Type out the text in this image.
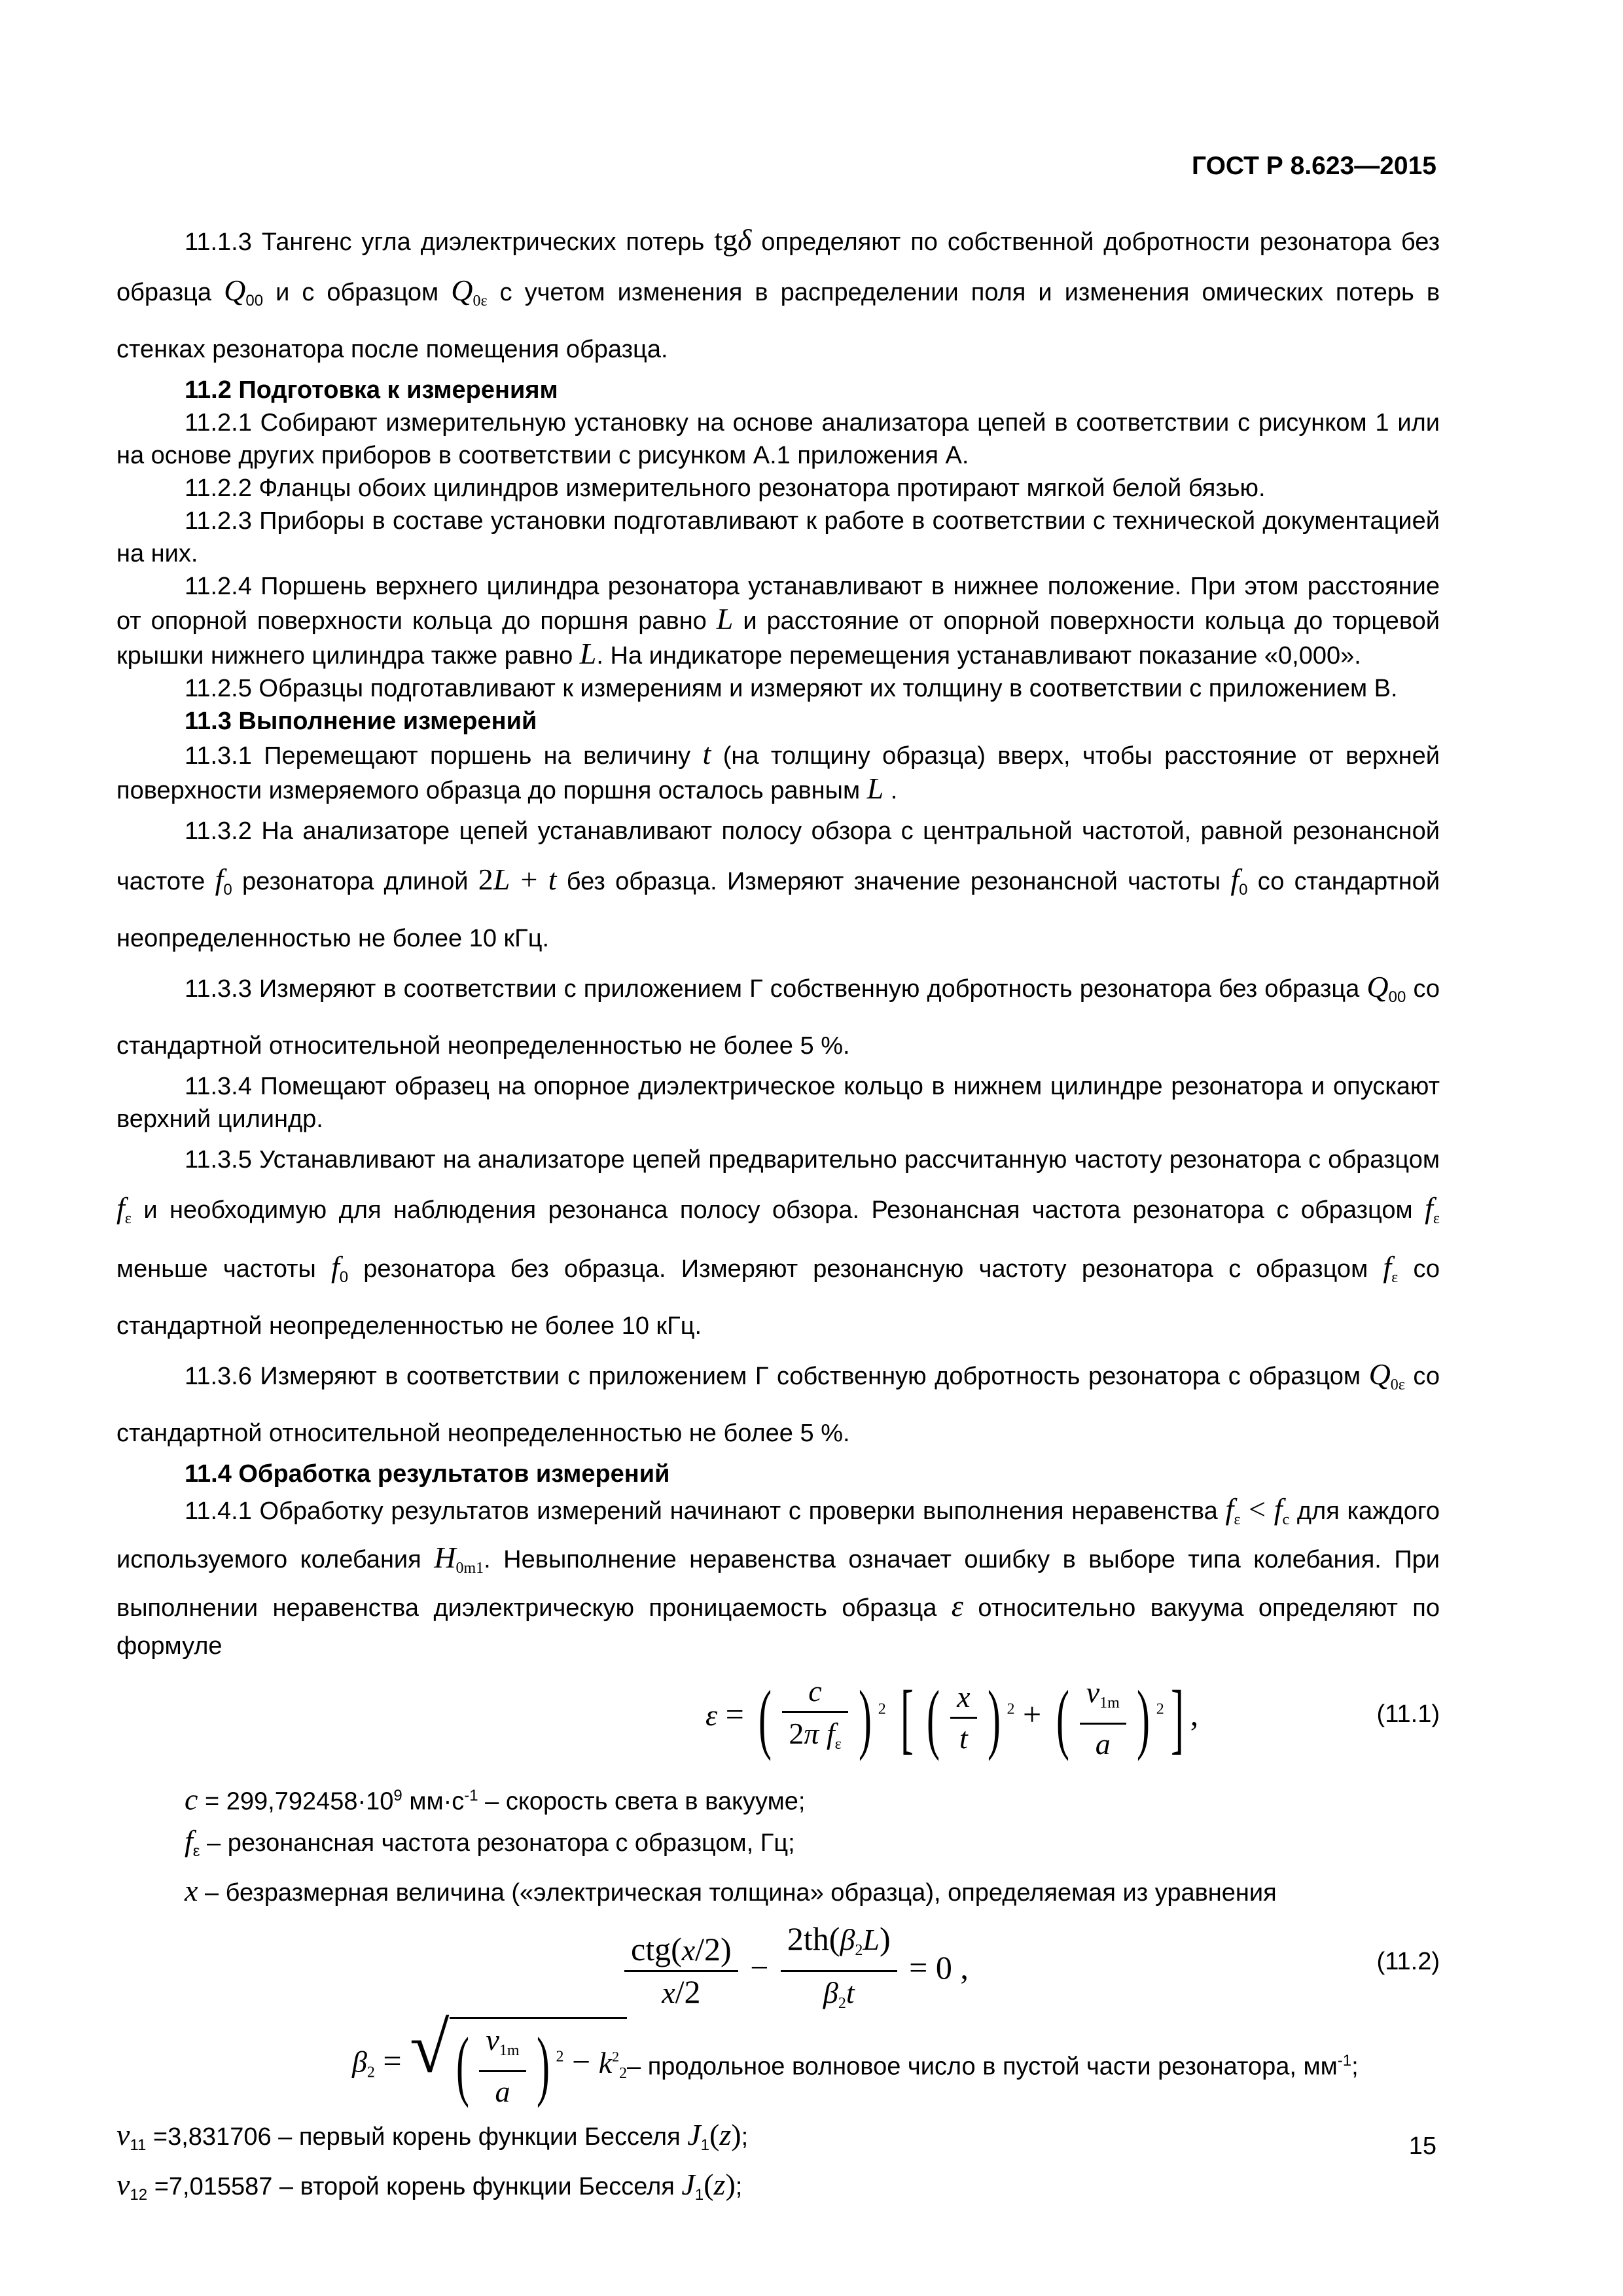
ГОСТ Р 8.623—2015

11.1.3 Тангенс угла диэлектрических потерь tgδ определяют по собственной добротности резонатора без образца $Q_{00}$ и с образцом $Q_{0\varepsilon}$ с учетом изменения в распределении поля и изменения омических потерь в стенках резонатора после помещения образца.

11.2 Подготовка к измерениям

11.2.1 Собирают измерительную установку на основе анализатора цепей в соответствии с рисунком 1 или на основе других приборов в соответствии с рисунком А.1 приложения А.

11.2.2 Фланцы обоих цилиндров измерительного резонатора протирают мягкой белой бязью.

11.2.3 Приборы в составе установки подготавливают к работе в соответствии с технической документацией на них.

11.2.4 Поршень верхнего цилиндра резонатора устанавливают в нижнее положение. При этом расстояние от опорной поверхности кольца до поршня равно L и расстояние от опорной поверхности кольца до торцевой крышки нижнего цилиндра также равно L. На индикаторе перемещения устанавливают показание «0,000».

11.2.5 Образцы подготавливают к измерениям и измеряют их толщину в соответствии с приложением В.

11.3 Выполнение измерений

11.3.1 Перемещают поршень на величину t (на толщину образца) вверх, чтобы расстояние от верхней поверхности измеряемого образца до поршня осталось равным L .

11.3.2 На анализаторе цепей устанавливают полосу обзора с центральной частотой, равной резонансной частоте $f_0$ резонатора длиной 2L + t без образца. Измеряют значение резонансной частоты $f_0$ со стандартной неопределенностью не более 10 кГц.

11.3.3 Измеряют в соответствии с приложением Г собственную добротность резонатора без образца $Q_{00}$ со стандартной относительной неопределенностью не более 5 %.

11.3.4 Помещают образец на опорное диэлектрическое кольцо в нижнем цилиндре резонатора и опускают верхний цилиндр.

11.3.5 Устанавливают на анализаторе цепей предварительно рассчитанную частоту резонатора с образцом $f_\varepsilon$ и необходимую для наблюдения резонанса полосу обзора. Резонансная частота резонатора с образцом $f_\varepsilon$ меньше частоты $f_0$ резонатора без образца. Измеряют резонансную частоту резонатора с образцом $f_\varepsilon$ со стандартной неопределенностью не более 10 кГц.

11.3.6 Измеряют в соответствии с приложением Г собственную добротность резонатора с образцом $Q_{0\varepsilon}$ со стандартной относительной неопределенностью не более 5 %.

11.4 Обработка результатов измерений

11.4.1 Обработку результатов измерений начинают с проверки выполнения неравенства $f_\varepsilon < f_c$ для каждого используемого колебания $H_{0m1}$. Невыполнение неравенства означает ошибку в выборе типа колебания. При выполнении неравенства диэлектрическую проницаемость образца ε относительно вакуума определяют по формуле

ε = ( $\frac{c}{2\pi f_\varepsilon}$ ) $^2$ [ ( $\frac{x}{t}$ ) $^2$ + ( $\frac{\nu_{1m}}{a}$ ) $^2$] ,	(11.1)
$c = 299,792458\cdot 10^9$ $мм\cdot с^{-1}$ – скорость света в вакууме;
$f_\varepsilon$ – резонансная частота резонатора с образцом, Гц;
x – безразмерная величина («электрическая толщина» образца), определяемая из уравнения
$\frac{\text{ctg(x/2)}}{x/2} - \frac{2th(\beta_2L)}{\beta_2t} = 0$ ,	(11.2)
$\beta_2$ = √( $\frac{\nu_{1m}}{a}$ ) $^2 - k^2_2$ – продольное волновое число в пустой части резонатора, $мм^{-1}$;
$\nu_{11} =3,831706$ – первый корень функции Бесселя $J_1(z)$;
$\nu_{12} =7,015587$ – второй корень функции Бесселя $J_1(z)$;
15
